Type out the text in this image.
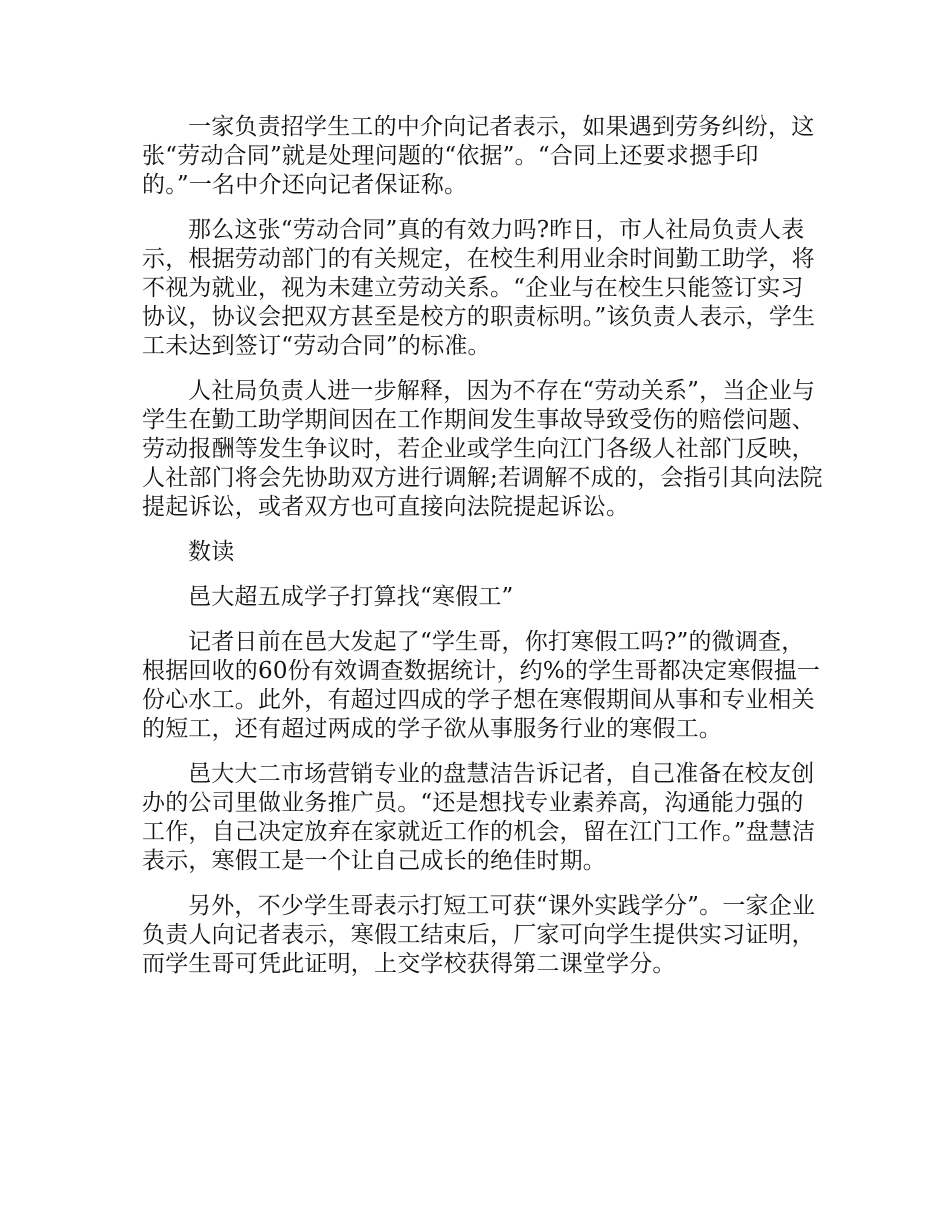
一家负责招学生工的中介向记者表示，如果遇到劳务纠纷，这张“劳动合同”就是处理问题的“依据”。“合同上还要求摁手印的。”一名中介还向记者保证称。

那么这张“劳动合同”真的有效力吗?昨日，市人社局负责人表示，根据劳动部门的有关规定，在校生利用业余时间勤工助学，将不视为就业，视为未建立劳动关系。“企业与在校生只能签订实习协议，协议会把双方甚至是校方的职责标明。”该负责人表示，学生工未达到签订“劳动合同”的标准。

人社局负责人进一步解释，因为不存在“劳动关系”，当企业与学生在勤工助学期间因在工作期间发生事故导致受伤的赔偿问题、劳动报酬等发生争议时，若企业或学生向江门各级人社部门反映，人社部门将会先协助双方进行调解;若调解不成的，会指引其向法院提起诉讼，或者双方也可直接向法院提起诉讼。

数读

邑大超五成学子打算找“寒假工”

记者日前在邑大发起了“学生哥，你打寒假工吗?”的微调查，根据回收的60份有效调查数据统计，约%的学生哥都决定寒假揾一份心水工。此外，有超过四成的学子想在寒假期间从事和专业相关的短工，还有超过两成的学子欲从事服务行业的寒假工。

邑大大二市场营销专业的盘慧洁告诉记者，自己准备在校友创办的公司里做业务推广员。“还是想找专业素养高，沟通能力强的工作，自己决定放弃在家就近工作的机会，留在江门工作。”盘慧洁表示，寒假工是一个让自己成长的绝佳时期。

另外，不少学生哥表示打短工可获“课外实践学分”。一家企业负责人向记者表示，寒假工结束后，厂家可向学生提供实习证明，而学生哥可凭此证明，上交学校获得第二课堂学分。
